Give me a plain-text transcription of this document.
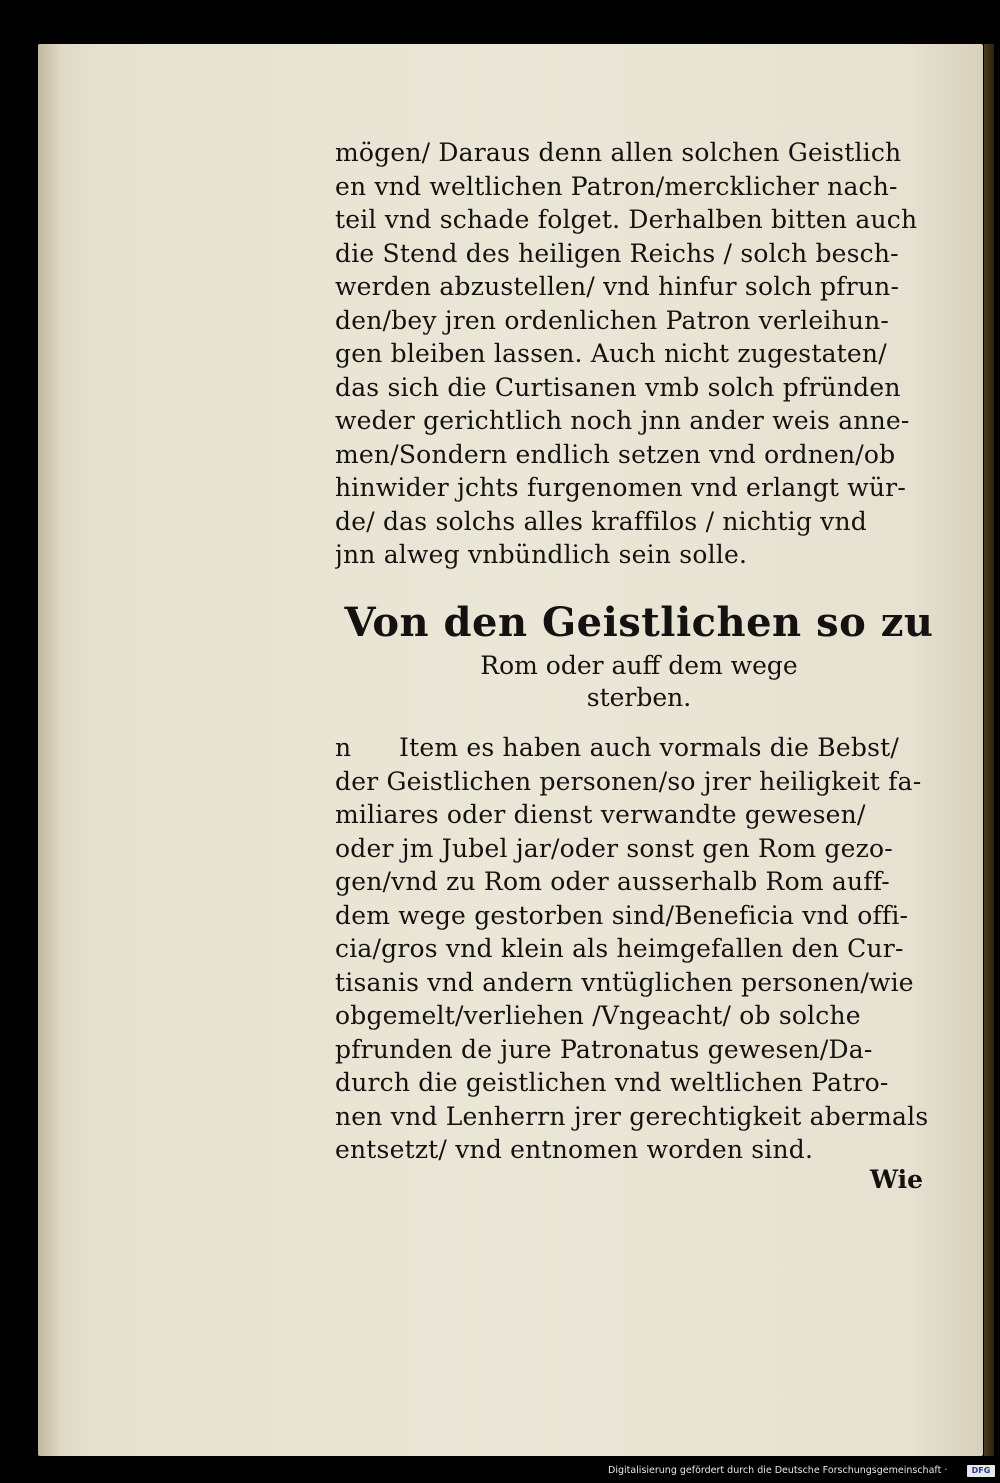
mögen/ Daraus denn allen solchen Geistlich
en vnd weltlichen Patron/mercklicher nach-
teil vnd schade folget. Derhalben bitten auch
die Stend des heiligen Reichs / solch besch-
werden abzustellen/ vnd hinfur solch pfrun-
den/bey jren ordenlichen Patron verleihun-
gen bleiben lassen. Auch nicht zugestaten/
das sich die Curtisanen vmb solch pfründen
weder gerichtlich noch jnn ander weis anne-
men/Sondern endlich setzen vnd ordnen/ob
hinwider jchts furgenomen vnd erlangt wür-
de/ das solchs alles kraffilos / nichtig vnd
jnn alweg vnbündlich sein solle.
Von den Geistlichen so zu
Rom oder auff dem wege
sterben.
n Item es haben auch vormals die Bebst/
der Geistlichen personen/so jrer heiligkeit fa-
miliares oder dienst verwandte gewesen/
oder jm Jubel jar/oder sonst gen Rom gezo-
gen/vnd zu Rom oder ausserhalb Rom auff-
dem wege gestorben sind/Beneficia vnd offi-
cia/gros vnd klein als heimgefallen den Cur-
tisanis vnd andern vntüglichen personen/wie
obgemelt/verliehen /Vngeacht/ ob solche
pfrunden de jure Patronatus gewesen/Da-
durch die geistlichen vnd weltlichen Patro-
nen vnd Lenherrn jrer gerechtigkeit abermals
entsetzt/ vnd entnomen worden sind.
Wie
Digitalisierung gefördert durch die Deutsche Forschungsgemeinschaft ·	DFG
